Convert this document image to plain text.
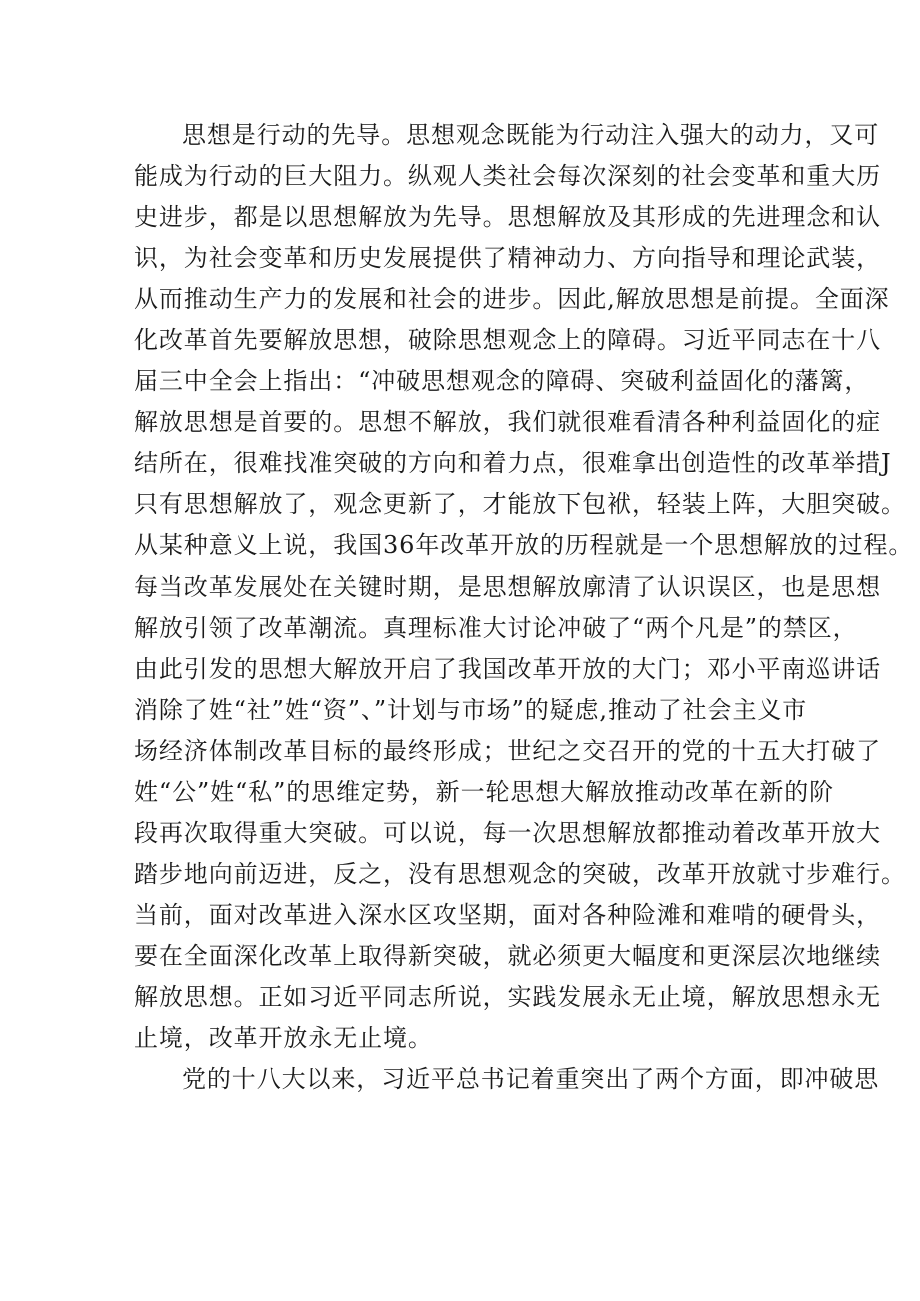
思想是行动的先导。思想观念既能为行动注入强大的动力，又可
能成为行动的巨大阻力。纵观人类社会每次深刻的社会变革和重大历
史进步，都是以思想解放为先导。思想解放及其形成的先进理念和认
识，为社会变革和历史发展提供了精神动力、方向指导和理论武装，
从而推动生产力的发展和社会的进步。因此,解放思想是前提。全面深
化改革首先要解放思想，破除思想观念上的障碍。习近平同志在十八
届三中全会上指出：“冲破思想观念的障碍、突破利益固化的藩篱，
解放思想是首要的。思想不解放，我们就很难看清各种利益固化的症
结所在，很难找准突破的方向和着力点，很难拿出创造性的改革举措J
只有思想解放了，观念更新了，才能放下包袱，轻装上阵，大胆突破。
从某种意义上说，我国36年改革开放的历程就是一个思想解放的过程。
每当改革发展处在关键时期，是思想解放廓清了认识误区，也是思想
解放引领了改革潮流。真理标准大讨论冲破了“两个凡是”的禁区，
由此引发的思想大解放开启了我国改革开放的大门；邓小平南巡讲话
消除了姓“社”姓“资”、”计划与市场”的疑虑,推动了社会主义市
场经济体制改革目标的最终形成；世纪之交召开的党的十五大打破了
姓“公”姓“私”的思维定势，新一轮思想大解放推动改革在新的阶
段再次取得重大突破。可以说，每一次思想解放都推动着改革开放大
踏步地向前迈进，反之，没有思想观念的突破，改革开放就寸步难行。
当前，面对改革进入深水区攻坚期，面对各种险滩和难啃的硬骨头，
要在全面深化改革上取得新突破，就必须更大幅度和更深层次地继续
解放思想。正如习近平同志所说，实践发展永无止境，解放思想永无
止境，改革开放永无止境。
党的十八大以来，习近平总书记着重突出了两个方面，即冲破思
